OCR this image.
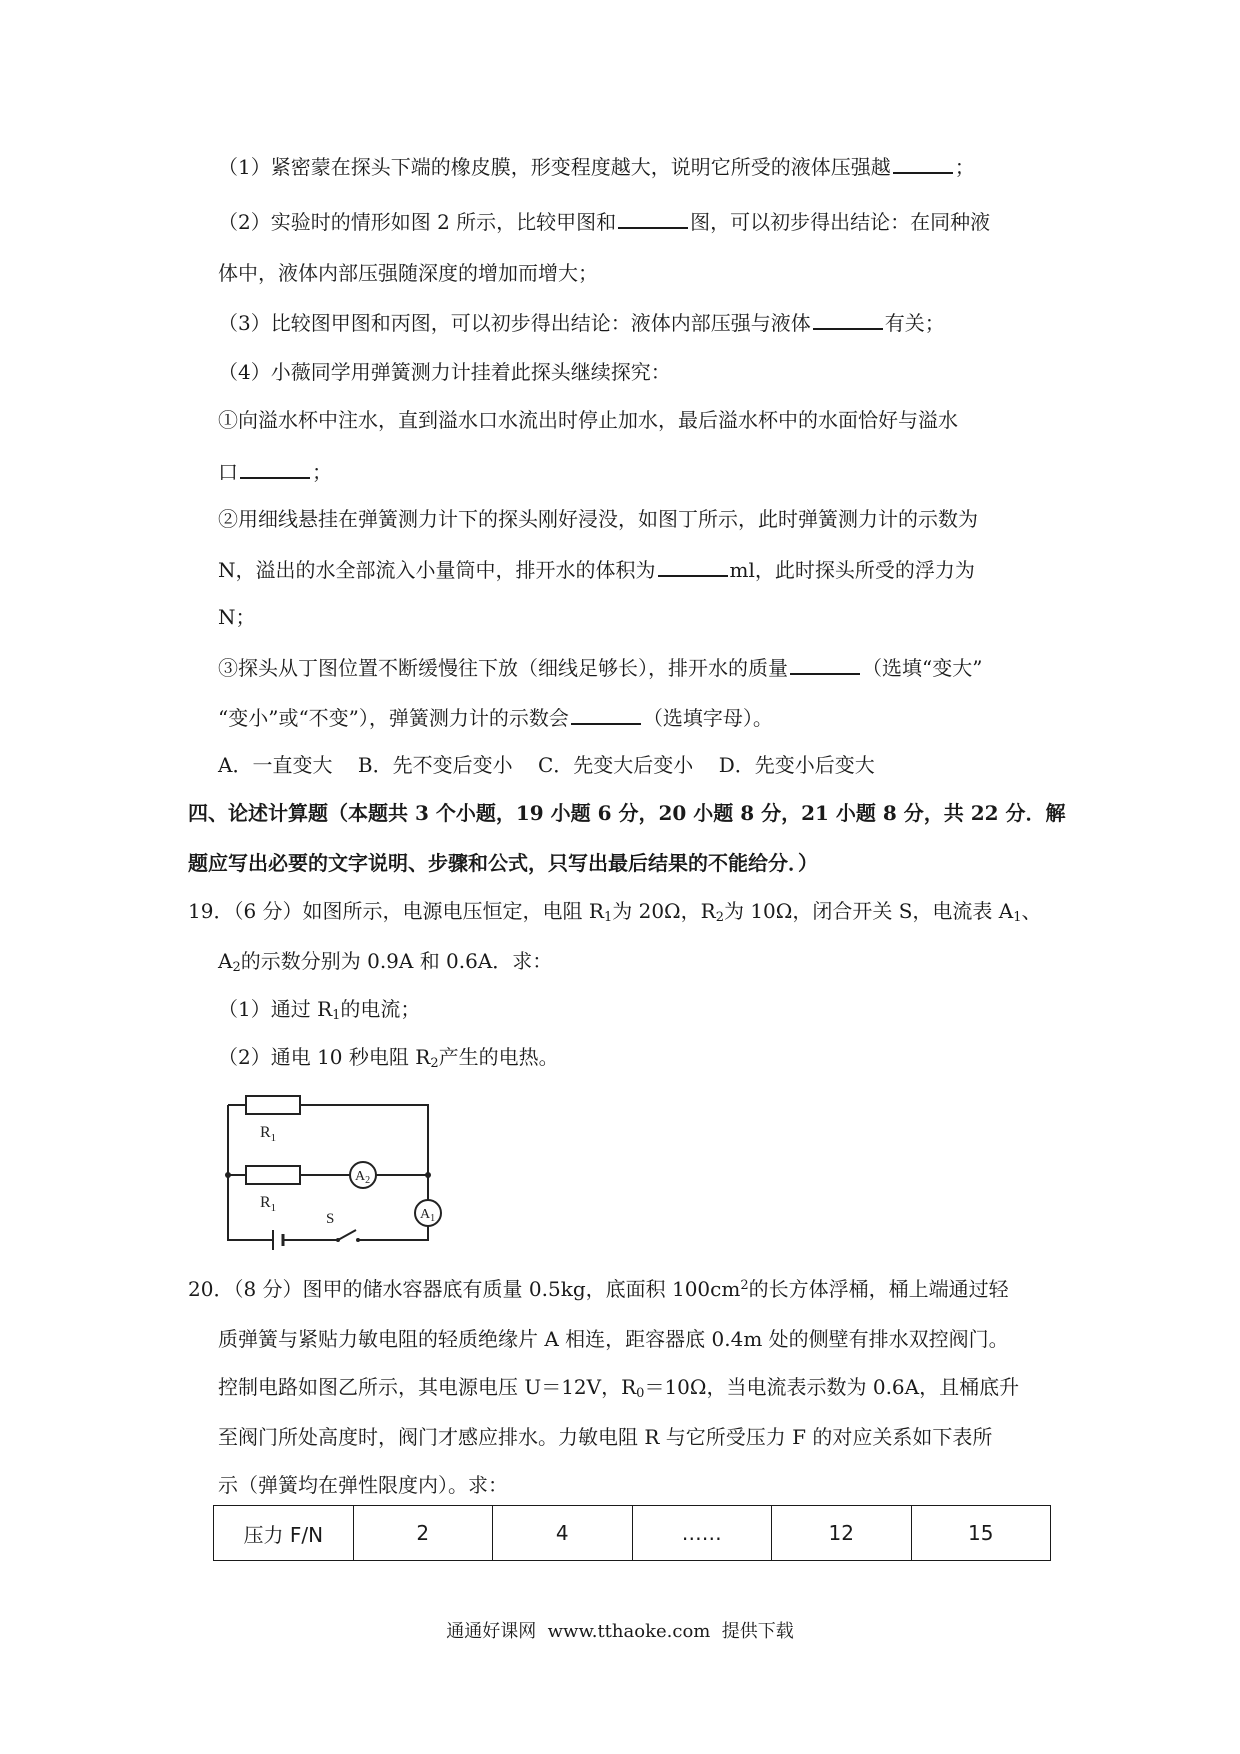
（1）紧密蒙在探头下端的橡皮膜，形变程度越大，说明它所受的液体压强越	；
（2）实验时的情形如图 2 所示，比较甲图和	图，可以初步得出结论：在同种液
体中，液体内部压强随深度的增加而增大；
（3）比较图甲图和丙图，可以初步得出结论：液体内部压强与液体	有关；
（4）小薇同学用弹簧测力计挂着此探头继续探究：
①向溢水杯中注水，直到溢水口水流出时停止加水，最后溢水杯中的水面恰好与溢水
口	；
②用细线悬挂在弹簧测力计下的探头刚好浸没，如图丁所示，此时弹簧测力计的示数为
N，溢出的水全部流入小量筒中，排开水的体积为	ml，此时探头所受的浮力为
N；
③探头从丁图位置不断缓慢往下放（细线足够长），排开水的质量	（选填“变大”
“变小”或“不变”），弹簧测力计的示数会	（选填字母）。
A．一直变大    B．先不变后变小    C．先变大后变小    D．先变小后变大
四、论述计算题（本题共 3 个小题，19 小题 6 分，20 小题 8 分，21 小题 8 分，共 22 分．解
题应写出必要的文字说明、步骤和公式，只写出最后结果的不能给分．）
19．（6 分）如图所示，电源电压恒定，电阻 $R_1$为 20Ω，$R_2$为 10Ω，闭合开关 S，电流表 $A_1$、
$A_2$的示数分别为 0.9A 和 0.6A．求：
（1）通过 $R_1$的电流；
（2）通电 10 秒电阻 $R_2$产生的电热。
$R_1$
$R_1$
$A_2$
$A_1$
S
20．（8 分）图甲的储水容器底有质量 0.5kg，底面积 $100cm^2$的长方体浮桶，桶上端通过轻
质弹簧与紧贴力敏电阻的轻质绝缘片 A 相连，距容器底 0.4m 处的侧壁有排水双控阀门。
控制电路如图乙所示，其电源电压 U＝12V，$R_0=10\Omega$，当电流表示数为 0.6A，且桶底升
至阀门所处高度时，阀门才感应排水。力敏电阻 R 与它所受压力 F 的对应关系如下表所
示（弹簧均在弹性限度内）。求：
压力 F/N	2	4	……	12	15
通通好课网  www.tthaoke.com  提供下载
